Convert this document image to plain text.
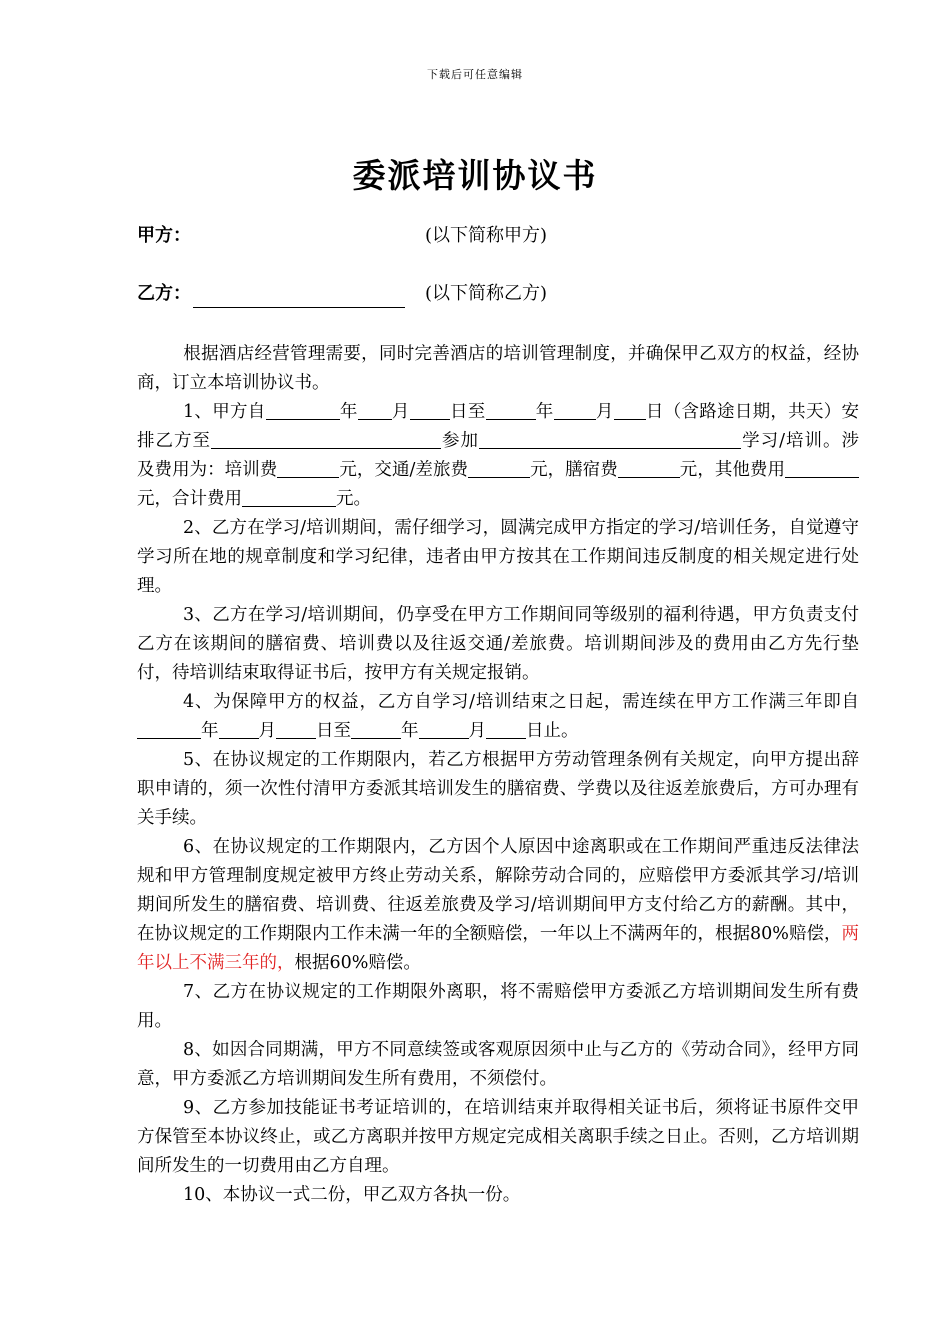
下载后可任意编辑
委派培训协议书
甲方：	(以下简称甲方)
乙方：	(以下简称乙方)

根据酒店经营管理需要，同时完善酒店的培训管理制度，并确保甲乙双方的权益，经协商，订立本培训协议书。

1、甲方自	年 月 日至	年 月 日（含路途日期，共天）安排乙方至	参加	学习/培训。涉及费用为：培训费	元，交通/差旅费	元，膳宿费	元，其他费用元，合计费用	元。

2、乙方在学习/培训期间，需仔细学习，圆满完成甲方指定的学习/培训任务，自觉遵守学习所在地的规章制度和学习纪律，违者由甲方按其在工作期间违反制度的相关规定进行处理。

3、乙方在学习/培训期间，仍享受在甲方工作期间同等级别的福利待遇，甲方负责支付乙方在该期间的膳宿费、培训费以及往返交通/差旅费。培训期间涉及的费用由乙方先行垫付，待培训结束取得证书后，按甲方有关规定报销。

4、为保障甲方的权益，乙方自学习/培训结束之日起，需连续在甲方工作满三年即自年 月 日至	年	月 日止。

5、在协议规定的工作期限内，若乙方根据甲方劳动管理条例有关规定，向甲方提出辞职申请的，须一次性付清甲方委派其培训发生的膳宿费、学费以及往返差旅费后，方可办理有关手续。

6、在协议规定的工作期限内，乙方因个人原因中途离职或在工作期间严重违反法律法规和甲方管理制度规定被甲方终止劳动关系，解除劳动合同的，应赔偿甲方委派其学习/培训期间所发生的膳宿费、培训费、往返差旅费及学习/培训期间甲方支付给乙方的薪酬。其中，在协议规定的工作期限内工作未满一年的全额赔偿，一年以上不满两年的，根据80%赔偿，两年以上不满三年的，根据60%赔偿。

7、乙方在协议规定的工作期限外离职，将不需赔偿甲方委派乙方培训期间发生所有费用。

8、如因合同期满，甲方不同意续签或客观原因须中止与乙方的《劳动合同》，经甲方同意，甲方委派乙方培训期间发生所有费用，不须偿付。

9、乙方参加技能证书考证培训的，在培训结束并取得相关证书后，须将证书原件交甲方保管至本协议终止，或乙方离职并按甲方规定完成相关离职手续之日止。否则，乙方培训期间所发生的一切费用由乙方自理。

10、本协议一式二份，甲乙双方各执一份。
